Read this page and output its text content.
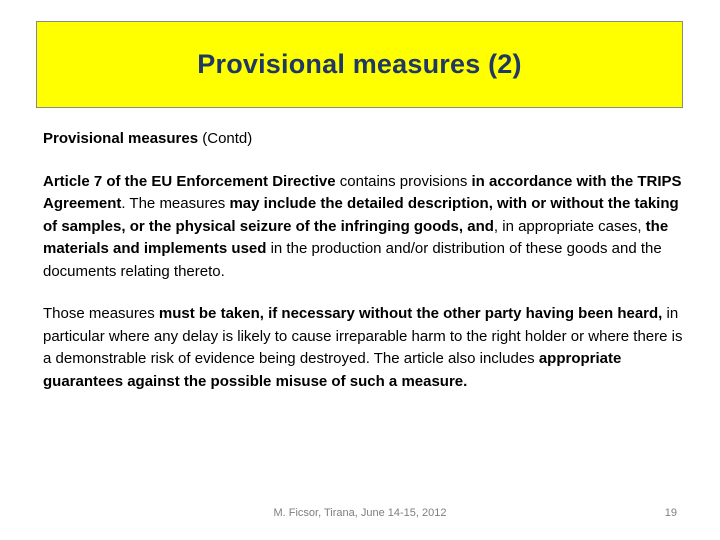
Provisional measures (2)

Provisional measures (Contd)

Article 7 of the EU Enforcement Directive contains provisions in accordance with the TRIPS Agreement. The measures may include the detailed description, with or without the taking of samples, or the physical seizure of the infringing goods, and, in appropriate cases, the materials and implements used in the production and/or distribution of these goods and the documents relating thereto.

Those measures must be taken, if necessary without the other party having been heard, in particular where any delay is likely to cause irreparable harm to the right holder or where there is a demonstrable risk of evidence being destroyed. The article also includes appropriate guarantees against the possible misuse of such a measure.

M. Ficsor, Tirana, June 14-15, 2012	19
